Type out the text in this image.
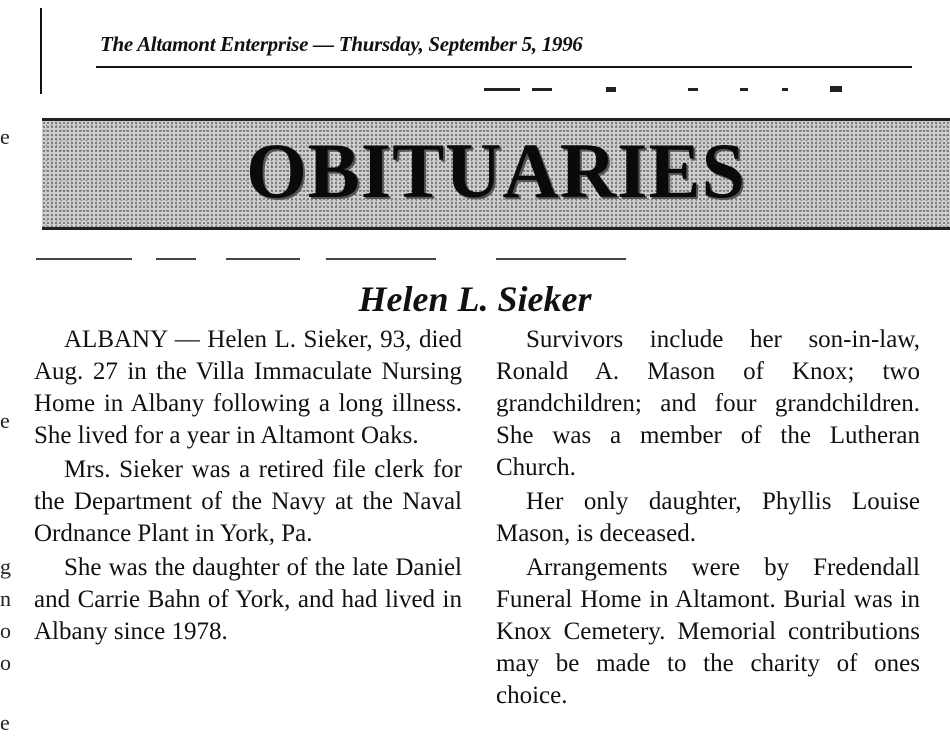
e
e
g
n
o
o
e
The Altamont Enterprise — Thursday, September 5, 1996
OBITUARIES
Helen L. Sieker

ALBANY — Helen L. Sieker, 93, died Aug. 27 in the Villa Immaculate Nursing Home in Albany following a long illness. She lived for a year in Altamont Oaks.

Mrs. Sieker was a retired file clerk for the Department of the Navy at the Naval Ordnance Plant in York, Pa.

She was the daughter of the late Daniel and Carrie Bahn of York, and had lived in Albany since 1978.

Survivors include her son-in-law, Ronald A. Mason of Knox; two grandchildren; and four grandchildren. She was a member of the Lutheran Church.

Her only daughter, Phyllis Louise Mason, is deceased.

Arrangements were by Fredendall Funeral Home in Altamont. Burial was in Knox Cemetery. Memorial contributions may be made to the charity of ones choice.
